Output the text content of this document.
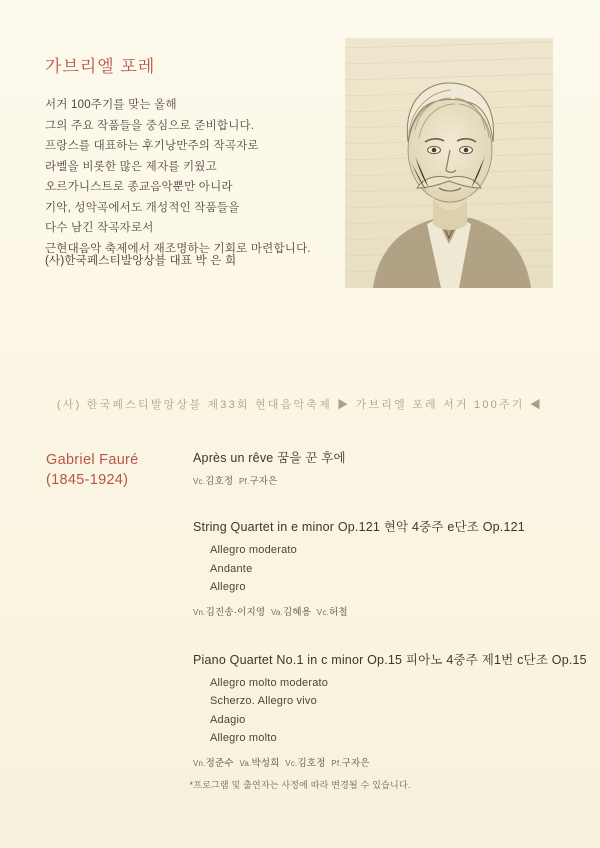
가브리엘 포레
서거 100주기를 맞는 올해
그의 주요 작품들을 중심으로 준비합니다.
프랑스를 대표하는 후기낭만주의 작곡자로
라벨을 비롯한 많은 제자를 키웠고
오르가니스트로 종교음악뿐만 아니라
기악, 성악곡에서도 개성적인 작품들을
다수 남긴 작곡자로서
근현대음악 축제에서 재조명하는 기회로 마련합니다.
(사)한국페스티발앙상블 대표 박 은 희
(사) 한국페스티발앙상블 제33회 현대음악축제 ▶ 가브리엘 포레 서거 100주기 ◀
Gabriel Fauré
(1845-1924)
Après un rêve 꿈을 꾼 후에
Vc.김호정 Pf.구자은
String Quartet in e minor Op.121 현악 4중주 e단조 Op.121
Allegro moderato
Andante
Allegro
Vn.김진송·이지영 Va.김혜용 Vc.허철
Piano Quartet No.1 in c minor Op.15 피아노 4중주 제1번 c단조 Op.15
Allegro molto moderato
Scherzo. Allegro vivo
Adagio
Allegro molto
Vn.정준수 Va.박성희 Vc.김호정 Pf.구자은
*프로그램 및 출연자는 사정에 따라 변경될 수 있습니다.
